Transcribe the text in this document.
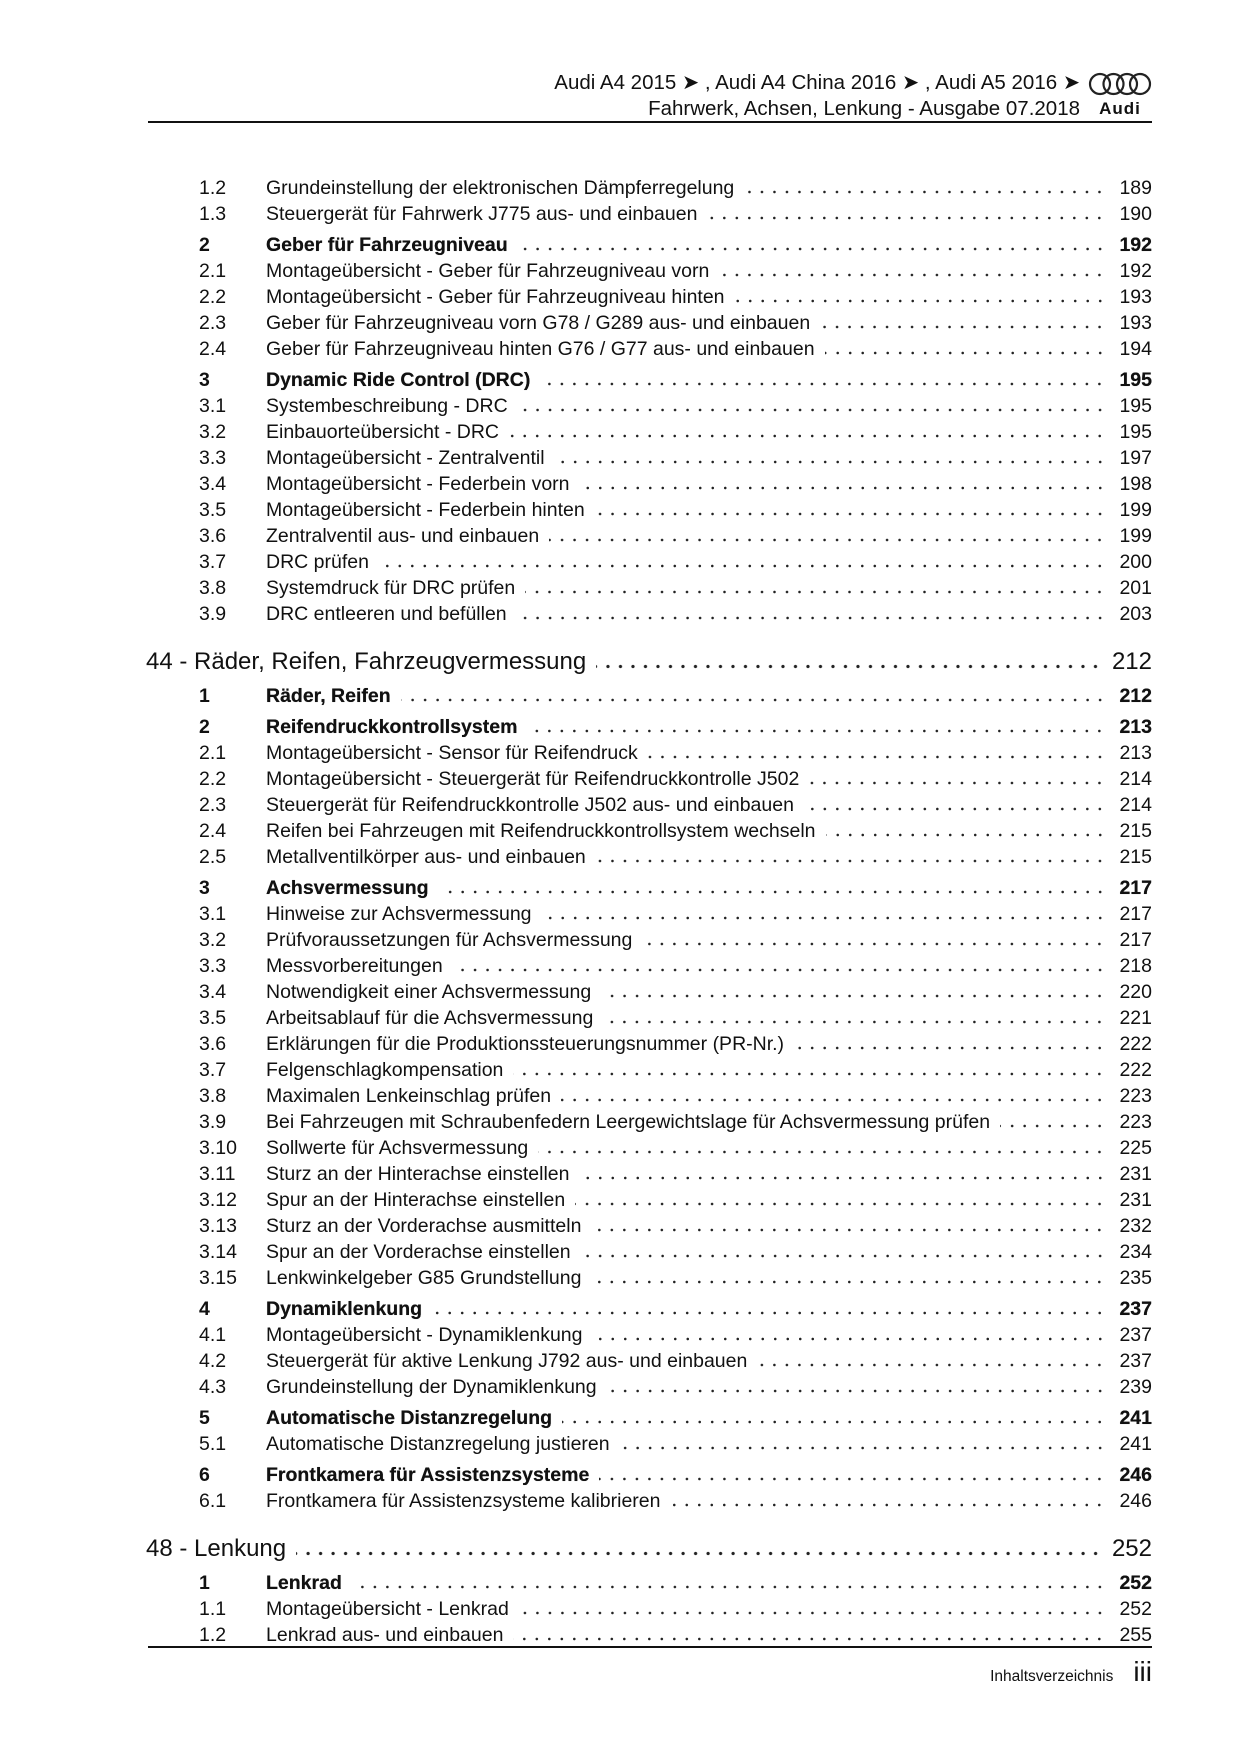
Audi A4 2015 ➤ , Audi A4 China 2016 ➤ , Audi A5 2016 ➤
Fahrwerk, Achsen, Lenkung - Ausgabe 07.2018	Audi
1.2	Grundeinstellung der elektronischen Dämpferregelung	189
1.3	Steuergerät für Fahrwerk J775 aus- und einbauen	190
2	Geber für Fahrzeugniveau	192
2.1	Montageübersicht - Geber für Fahrzeugniveau vorn	192
2.2	Montageübersicht - Geber für Fahrzeugniveau hinten	193
2.3	Geber für Fahrzeugniveau vorn G78 / G289 aus- und einbauen	193
2.4	Geber für Fahrzeugniveau hinten G76 / G77 aus- und einbauen	194
3	Dynamic Ride Control (DRC)	195
3.1	Systembeschreibung - DRC	195
3.2	Einbauortеübersicht - DRC	195
3.3	Montageübersicht - Zentralventil	197
3.4	Montageübersicht - Federbein vorn	198
3.5	Montageübersicht - Federbein hinten	199
3.6	Zentralventil aus- und einbauen	199
3.7	DRC prüfen	200
3.8	Systemdruck für DRC prüfen	201
3.9	DRC entleeren und befüllen	203
44 - Räder, Reifen, Fahrzeugvermessung	212
1	Räder, Reifen	212
2	Reifendruckkontrollsystem	213
2.1	Montageübersicht - Sensor für Reifendruck	213
2.2	Montageübersicht - Steuergerät für Reifendruckkontrolle J502	214
2.3	Steuergerät für Reifendruckkontrolle J502 aus- und einbauen	214
2.4	Reifen bei Fahrzeugen mit Reifendruckkontrollsystem wechseln	215
2.5	Metallventilkörper aus- und einbauen	215
3	Achsvermessung	217
3.1	Hinweise zur Achsvermessung	217
3.2	Prüfvoraussetzungen für Achsvermessung	217
3.3	Messvorbereitungen	218
3.4	Notwendigkeit einer Achsvermessung	220
3.5	Arbeitsablauf für die Achsvermessung	221
3.6	Erklärungen für die Produktionssteuerungsnummer (PR-Nr.)	222
3.7	Felgenschlagkompensation	222
3.8	Maximalen Lenkeinschlag prüfen	223
3.9	Bei Fahrzeugen mit Schraubenfedern Leergewichtslage für Achsvermessung prüfen	223
3.10	Sollwerte für Achsvermessung	225
3.11	Sturz an der Hinterachse einstellen	231
3.12	Spur an der Hinterachse einstellen	231
3.13	Sturz an der Vorderachse ausmitteln	232
3.14	Spur an der Vorderachse einstellen	234
3.15	Lenkwinkelgeber G85 Grundstellung	235
4	Dynamiklenkung	237
4.1	Montageübersicht - Dynamiklenkung	237
4.2	Steuergerät für aktive Lenkung J792 aus- und einbauen	237
4.3	Grundeinstellung der Dynamiklenkung	239
5	Automatische Distanzregelung	241
5.1	Automatische Distanzregelung justieren	241
6	Frontkamera für Assistenzsysteme	246
6.1	Frontkamera für Assistenzsysteme kalibrieren	246
48 - Lenkung	252
1	Lenkrad	252
1.1	Montageübersicht - Lenkrad	252
1.2	Lenkrad aus- und einbauen	255
Inhaltsverzeichnis iii
